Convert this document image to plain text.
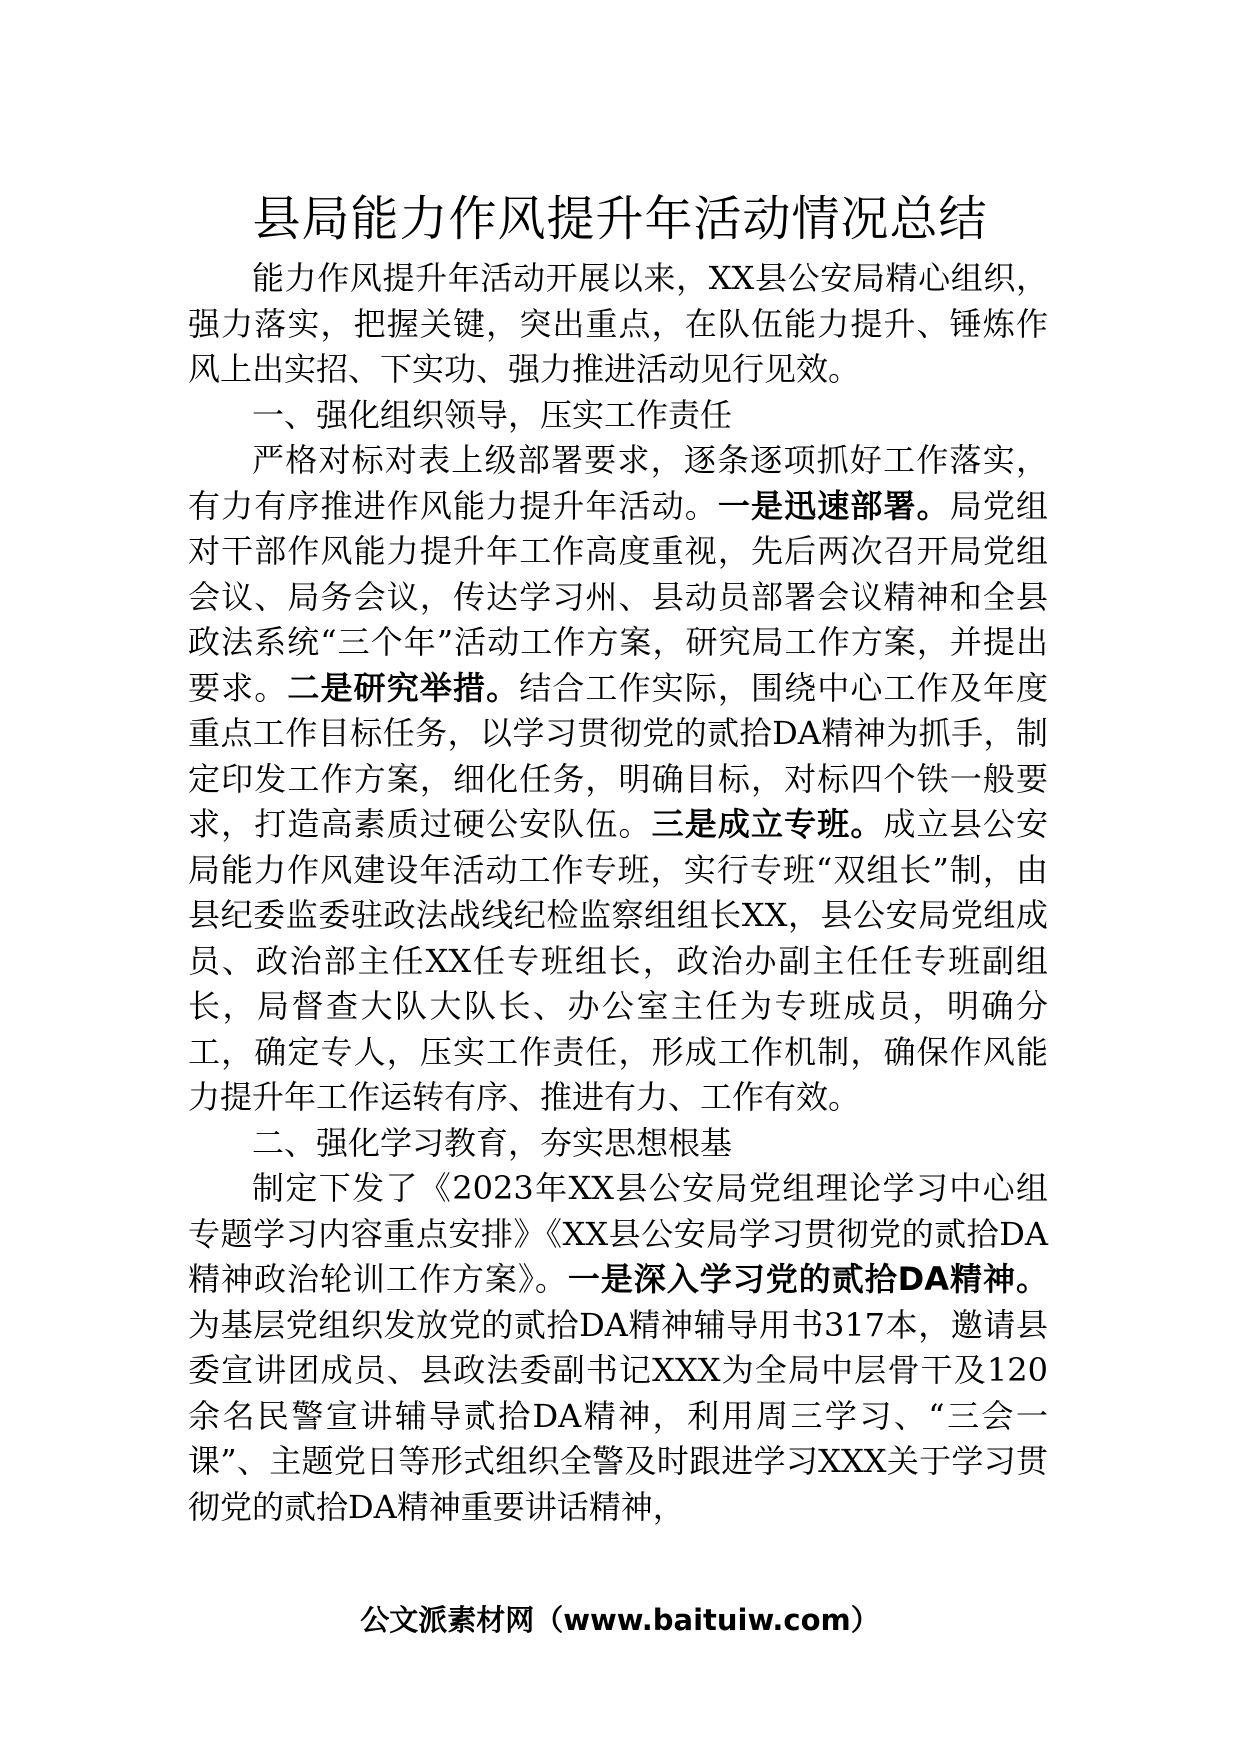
县局能力作风提升年活动情况总结

能力作风提升年活动开展以来，XX县公安局精心组织，强力落实，把握关键，突出重点，在队伍能力提升、锤炼作风上出实招、下实功、强力推进活动见行见效。

一、强化组织领导，压实工作责任

严格对标对表上级部署要求，逐条逐项抓好工作落实，有力有序推进作风能力提升年活动。一是迅速部署。局党组对干部作风能力提升年工作高度重视，先后两次召开局党组会议、局务会议，传达学习州、县动员部署会议精神和全县政法系统“三个年”活动工作方案，研究局工作方案，并提出要求。二是研究举措。结合工作实际，围绕中心工作及年度重点工作目标任务，以学习贯彻党的贰拾DA精神为抓手，制定印发工作方案，细化任务，明确目标，对标四个铁一般要求，打造高素质过硬公安队伍。三是成立专班。成立县公安局能力作风建设年活动工作专班，实行专班“双组长”制，由县纪委监委驻政法战线纪检监察组组长XX，县公安局党组成员、政治部主任XX任专班组长，政治办副主任任专班副组长，局督查大队大队长、办公室主任为专班成员，明确分工，确定专人，压实工作责任，形成工作机制，确保作风能力提升年工作运转有序、推进有力、工作有效。

二、强化学习教育，夯实思想根基

制定下发了《2023年XX县公安局党组理论学习中心组专题学习内容重点安排》《XX县公安局学习贯彻党的贰拾DA精神政治轮训工作方案》。一是深入学习党的贰拾DA精神。为基层党组织发放党的贰拾DA精神辅导用书317本，邀请县委宣讲团成员、县政法委副书记XXX为全局中层骨干及120余名民警宣讲辅导贰拾DA精神，利用周三学习、“三会一课”、主题党日等形式组织全警及时跟进学习XXX关于学习贯彻党的贰拾DA精神重要讲话精神，

公文派素材网（www.baituiw.com）
